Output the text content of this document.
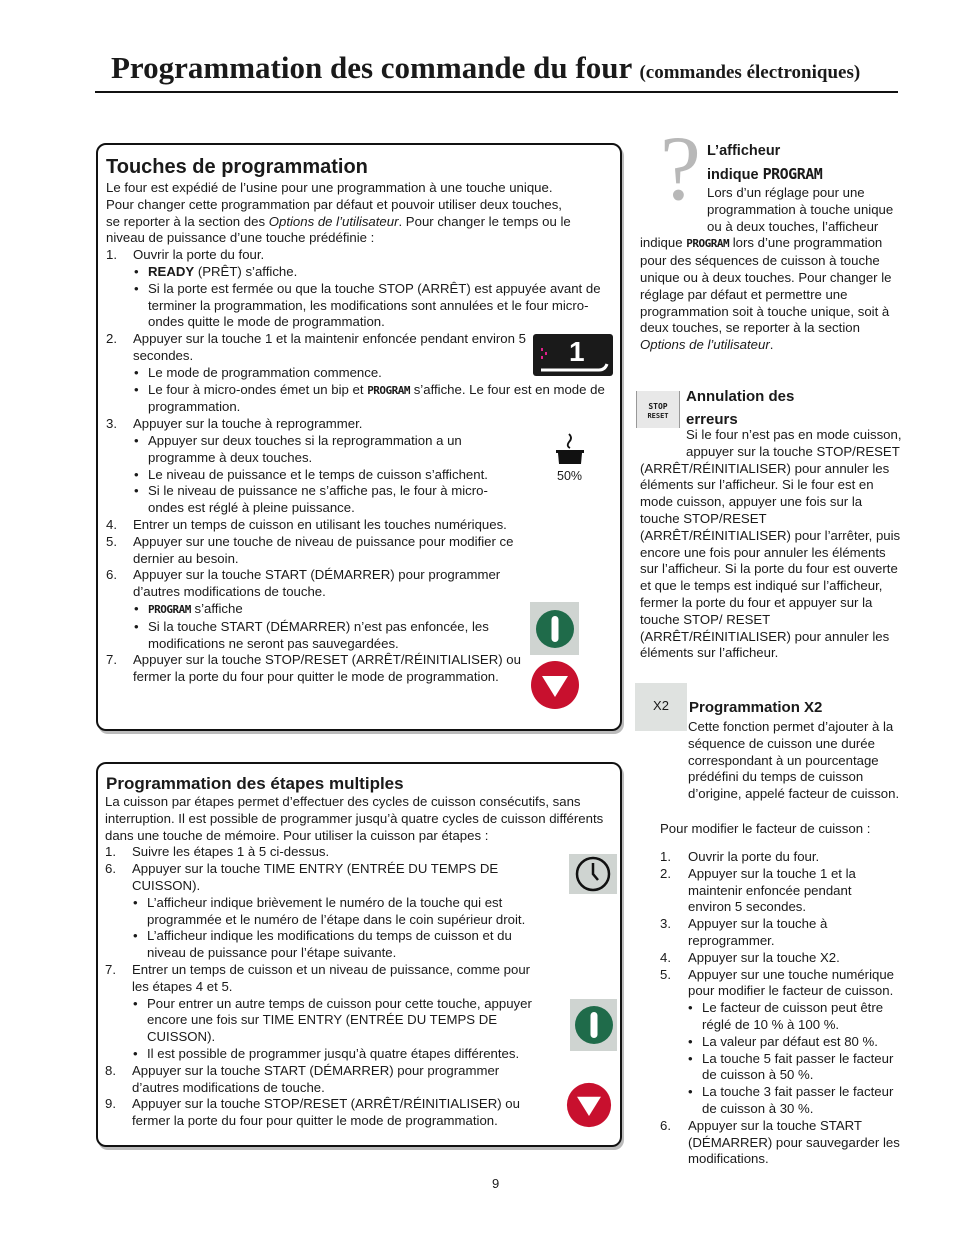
Programmation des commande du four (commandes électroniques)
Touches de programmation
Le four est expédié de l’usine pour une programmation à une touche unique.
Pour changer cette programmation par défaut et pouvoir utiliser deux touches,
se reporter à la section des Options de l’utilisateur. Pour changer le temps ou le
niveau de puissance d’une touche prédéfinie :
1. Ouvrir la porte du four.
• READY (PRÊT) s’affiche.
• Si la porte est fermée ou que la touche STOP (ARRÊT) est appuyée avant de terminer la programmation, les modifications sont annulées et le four micro-ondes quitte le mode de programmation.
2. Appuyer sur la touche 1 et la maintenir enfoncée pendant environ 5 secondes.
• Le mode de programmation commence.
• Le four à micro-ondes émet un bip et PROGRAM s’affiche. Le four est en mode de programmation.
3. Appuyer sur la touche à reprogrammer.
• Appuyer sur deux touches si la reprogrammation a un programme à deux touches.
• Le niveau de puissance et le temps de cuisson s’affichent.
• Si le niveau de puissance ne s’affiche pas, le four à micro-ondes est réglé à pleine puissance.
4. Entrer un temps de cuisson en utilisant les touches numériques.
5. Appuyer sur une touche de niveau de puissance pour modifier ce dernier au besoin.
6. Appuyer sur la touche START (DÉMARRER) pour programmer d’autres modifications de touche.
• PROGRAM s’affiche
• Si la touche START (DÉMARRER) n’est pas enfoncée, les modifications ne seront pas sauvegardées.
7. Appuyer sur la touche STOP/RESET (ARRÊT/RÉINITIALISER) ou fermer la porte du four pour quitter le mode de programmation.
1
50%
Programmation des étapes multiples
La cuisson par étapes permet d’effectuer des cycles de cuisson consécutifs, sans interruption. Il est possible de programmer jusqu’à quatre cycles de cuisson différents dans une touche de mémoire. Pour utiliser la cuisson par étapes :
1. Suivre les étapes 1 à 5 ci-dessus.
6. Appuyer sur la touche TIME ENTRY (ENTRÉE DU TEMPS DE CUISSON).
• L’afficheur indique brièvement le numéro de la touche qui est programmée et le numéro de l’étape dans le coin supérieur droit.
• L’afficheur indique les modifications du temps de cuisson et du niveau de puissance pour l’étape suivante.
7. Entrer un temps de cuisson et un niveau de puissance, comme pour les étapes 4 et 5.
• Pour entrer un autre temps de cuisson pour cette touche, appuyer encore une fois sur TIME ENTRY (ENTRÉE DU TEMPS DE CUISSON).
• Il est possible de programmer jusqu’à quatre étapes différentes.
8. Appuyer sur la touche START (DÉMARRER) pour programmer d’autres modifications de touche.
9. Appuyer sur la touche STOP/RESET (ARRÊT/RÉINITIALISER) ou fermer la porte du four pour quitter le mode de programmation.
? L’afficheur
indique PROGRAM
Lors d’un réglage pour une programmation à touche unique ou à deux touches, l’afficheur indique PROGRAM lors d’une programmation pour des séquences de cuisson à touche unique ou à deux touches. Pour changer le réglage par défaut et permettre une programmation soit à touche unique, soit à deux touches, se reporter à la section Options de l’utilisateur.
STOP
RESET
Annulation des
erreurs
Si le four n’est pas en mode cuisson, appuyer sur la touche STOP/RESET (ARRÊT/RÉINITIALISER) pour annuler les éléments sur l’afficheur. Si le four est en mode cuisson, appuyer une fois sur la touche STOP/RESET (ARRÊT/RÉINITIALISER) pour l’arrêter, puis encore une fois pour annuler les éléments sur l’afficheur. Si la porte du four est ouverte et que le temps est indiqué sur l’afficheur, fermer la porte du four et appuyer sur la touche STOP/ RESET (ARRÊT/RÉINITIALISER) pour annuler les éléments sur l’afficheur.
X2	Programmation X2
Cette fonction permet d’ajouter à la séquence de cuisson une durée correspondant à un pourcentage prédéfini du temps de cuisson d’origine, appelé facteur de cuisson.
Pour modifier le facteur de cuisson :
1. Ouvrir la porte du four.
2. Appuyer sur la touche 1 et la maintenir enfoncée pendant environ 5 secondes.
3. Appuyer sur la touche à reprogrammer.
4. Appuyer sur la touche X2.
5. Appuyer sur une touche numérique pour modifier le facteur de cuisson.
• Le facteur de cuisson peut être réglé de 10 % à 100 %.
• La valeur par défaut est 80 %.
• La touche 5 fait passer le facteur de cuisson à 50 %.
• La touche 3 fait passer le facteur de cuisson à 30 %.
6. Appuyer sur la touche START (DÉMARRER) pour sauvegarder les modifications.
9
